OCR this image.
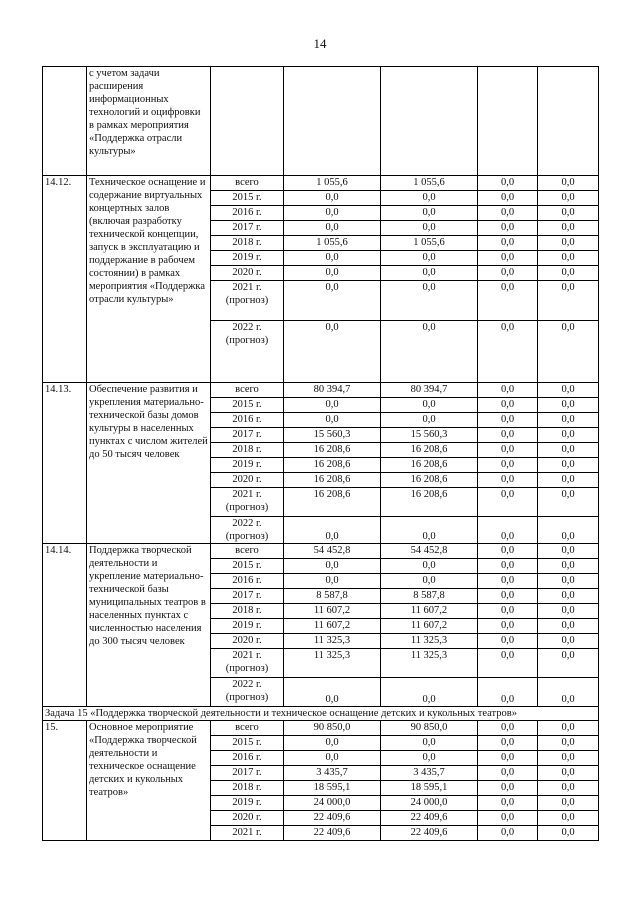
14
	с учетом задачи расширения информационных технологий и оцифровки в рамках мероприятия «Поддержка отрасли культуры»					
14.12.	Техническое оснащение и содержание виртуальных концертных залов (включая разработку технической концепции, запуск в эксплуатацию и поддержание в рабочем состоянии) в рамках мероприятия «Поддержка отрасли культуры»	всего	1 055,6	1 055,6	0,0	0,0
		2015 г.	0,0	0,0	0,0	0,0
		2016 г.	0,0	0,0	0,0	0,0
		2017 г.	0,0	0,0	0,0	0,0
		2018 г.	1 055,6	1 055,6	0,0	0,0
		2019 г.	0,0	0,0	0,0	0,0
		2020 г.	0,0	0,0	0,0	0,0
		2021 г. (прогноз)	0,0	0,0	0,0	0,0
		2022 г. (прогноз)	0,0	0,0	0,0	0,0
14.13.	Обеспечение развития и укрепления материально-технической базы домов культуры в населенных пунктах с числом жителей до 50 тысяч человек	всего	80 394,7	80 394,7	0,0	0,0
		2015 г.	0,0	0,0	0,0	0,0
		2016 г.	0,0	0,0	0,0	0,0
		2017 г.	15 560,3	15 560,3	0,0	0,0
		2018 г.	16 208,6	16 208,6	0,0	0,0
		2019 г.	16 208,6	16 208,6	0,0	0,0
		2020 г.	16 208,6	16 208,6	0,0	0,0
		2021 г. (прогноз)	16 208,6	16 208,6	0,0	0,0
		2022 г. (прогноз)	0,0	0,0	0,0	0,0
14.14.	Поддержка творческой деятельности и укрепление материально-технической базы муниципальных театров в населенных пунктах с численностью населения до 300 тысяч человек	всего	54 452,8	54 452,8	0,0	0,0
		2015 г.	0,0	0,0	0,0	0,0
		2016 г.	0,0	0,0	0,0	0,0
		2017 г.	8 587,8	8 587,8	0,0	0,0
		2018 г.	11 607,2	11 607,2	0,0	0,0
		2019 г.	11 607,2	11 607,2	0,0	0,0
		2020 г.	11 325,3	11 325,3	0,0	0,0
		2021 г. (прогноз)	11 325,3	11 325,3	0,0	0,0
		2022 г. (прогноз)	0,0	0,0	0,0	0,0
Задача 15 «Поддержка творческой деятельности и техническое оснащение детских и кукольных театров»						
15.	Основное мероприятие «Поддержка творческой деятельности и техническое оснащение детских и кукольных театров»	всего	90 850,0	90 850,0	0,0	0,0
		2015 г.	0,0	0,0	0,0	0,0
		2016 г.	0,0	0,0	0,0	0,0
		2017 г.	3 435,7	3 435,7	0,0	0,0
		2018 г.	18 595,1	18 595,1	0,0	0,0
		2019 г.	24 000,0	24 000,0	0,0	0,0
		2020 г.	22 409,6	22 409,6	0,0	0,0
		2021 г.	22 409,6	22 409,6	0,0	0,0
